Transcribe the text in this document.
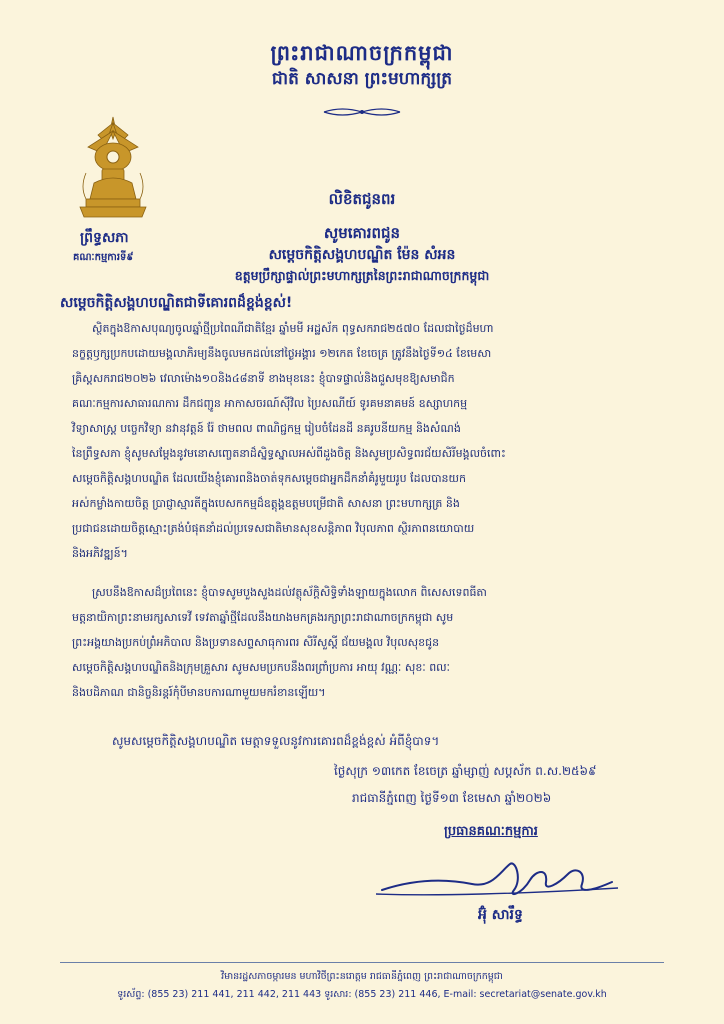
ព្រះរាជាណាចក្រកម្ពុជា

ជាតិ សាសនា ព្រះមហាក្សត្រ

ព្រឹទ្ធសភា

គណៈកម្មការទី៩

លិខិតជូនពរ

សូមគោរពជូន

សម្តេចកិត្តិសង្គហបណ្ឌិត ម៉ែន សំអន

ឧត្តមប្រឹក្សាផ្ទាល់ព្រះមហាក្សត្រនៃព្រះរាជាណាចក្រកម្ពុជា

សម្តេចកិត្តិសង្គហបណ្ឌិតជាទីគោរពដ៏ខ្ពង់ខ្ពស់!

ស្ថិតក្នុងឱកាសបុណ្យចូលឆ្នាំថ្មីប្រពៃណីជាតិខ្មែរ ឆ្នាំមមី អដ្ឋស័ក ពុទ្ធសករាជ២៥៧០ ដែលជាថ្ងៃដ៏មហា

នក្ខត្តឫក្សប្រកបដោយមង្គលាភិរម្យនឹងចូលមកដល់នៅថ្ងៃអង្គារ ១២កេត ខែចេត្រ ត្រូវនឹងថ្ងៃទី១៤ ខែមេសា

គ្រិស្តសករាជ២០២៦ វេលាម៉ោង១០និង៤៨នាទី ខាងមុខនេះ ខ្ញុំបាទផ្ទាល់និងជួសមុខឱ្យសមាជិក

គណៈកម្មការសាធារណការ ដឹកជញ្ជូន អាកាសចរណ៍ស៊ីវិល ប្រៃសណីយ៍ ទូរគមនាគមន៍ ឧស្សាហកម្ម

វិទ្យាសាស្ត្រ បច្ចេកវិទ្យា នវានុវត្តន៍ រ៉ែ ថាមពល ពាណិជ្ជកម្ម រៀបចំដែនដី នគរូបនីយកម្ម និងសំណង់

នៃព្រឹទ្ធសភា ខ្ញុំសូមសម្តែងនូវមនោសញ្ចេតនាដ៏ស្និទ្ធស្នាលអស់ពីដួងចិត្ត និងសូមប្រសិទ្ធពរជ័យសិរីមង្គលចំពោះ

សម្តេចកិត្តិសង្គហបណ្ឌិត ដែលយើងខ្ញុំគោរពនិងចាត់ទុកសម្តេចជាអ្នកដឹកនាំគំរូមួយរូប ដែលបានយក

អស់កម្លាំងកាយចិត្ត ប្រាជ្ញាស្មារតីក្នុងបេសកកម្មដ៏ឧត្តុង្គឧត្តមបម្រើជាតិ សាសនា ព្រះមហាក្សត្រ និង

ប្រជាជនដោយចិត្តស្មោះត្រង់បំផុតនាំដល់ប្រទេសជាតិមានសុខសន្តិភាព វិបុលភាព ស្ថិរភាពនយោបាយ

និងអភិវឌ្ឍន៍។

ស្របនឹងឱកាសដ៏ប្រពៃនេះ ខ្ញុំបាទសូមបួងសួងដល់វត្ថុស័ក្តិសិទ្ធិទាំងឡាយក្នុងលោក ពិសេសទេពធីតា

មត្តនាយិកាព្រះនាមរក្សសាទេវី ទេវតាឆ្នាំថ្មីដែលនឹងយាងមកគ្រងរក្សាព្រះរាជាណាចក្រកម្ពុជា សូម

ព្រះអង្គយាងប្រកប់ព្រំអភិបាល និងប្រទានសព្ទសាធុការពរ សិរីសួស្តី ជ័យមង្គល វិបុលសុខជូន

សម្តេចកិត្តិសង្គហបណ្ឌិតនិងក្រុមគ្រួសារ សូមសមប្រកបនឹងពរព្រាំប្រការ អាយុ វណ្ណៈ សុខៈ ពលៈ

និងបដិភាណ ជានិច្ចនិរន្តរ៍កុំបីមានបការណាមួយមករំខានឡើយ។

សូមសម្តេចកិត្តិសង្គហបណ្ឌិត មេត្តាទទួលនូវការគោរពដ៏ខ្ពង់ខ្ពស់ អំពីខ្ញុំបាទ។

ថ្ងៃសុក្រ ១៣កេត ខែចេត្រ ឆ្នាំម្សាញ់ សប្តស័ក ព.ស.២៥៦៩

រាជធានីភ្នំពេញ ថ្ងៃទី១៣ ខែមេសា ឆ្នាំ២០២៦

ប្រធានគណៈកម្មការ

អ៊ុំ សារឹទ្ធ

វិមានរដ្ឋសភាចម្ការមន មហាវិថីព្រះនរោត្តម រាជធានីភ្នំពេញ ព្រះរាជាណាចក្រកម្ពុជា

ទូរស័ព្ទ: (855 23) 211 441, 211 442, 211 443 ទូរសារ: (855 23) 211 446, E-mail: secretariat@senate.gov.kh
